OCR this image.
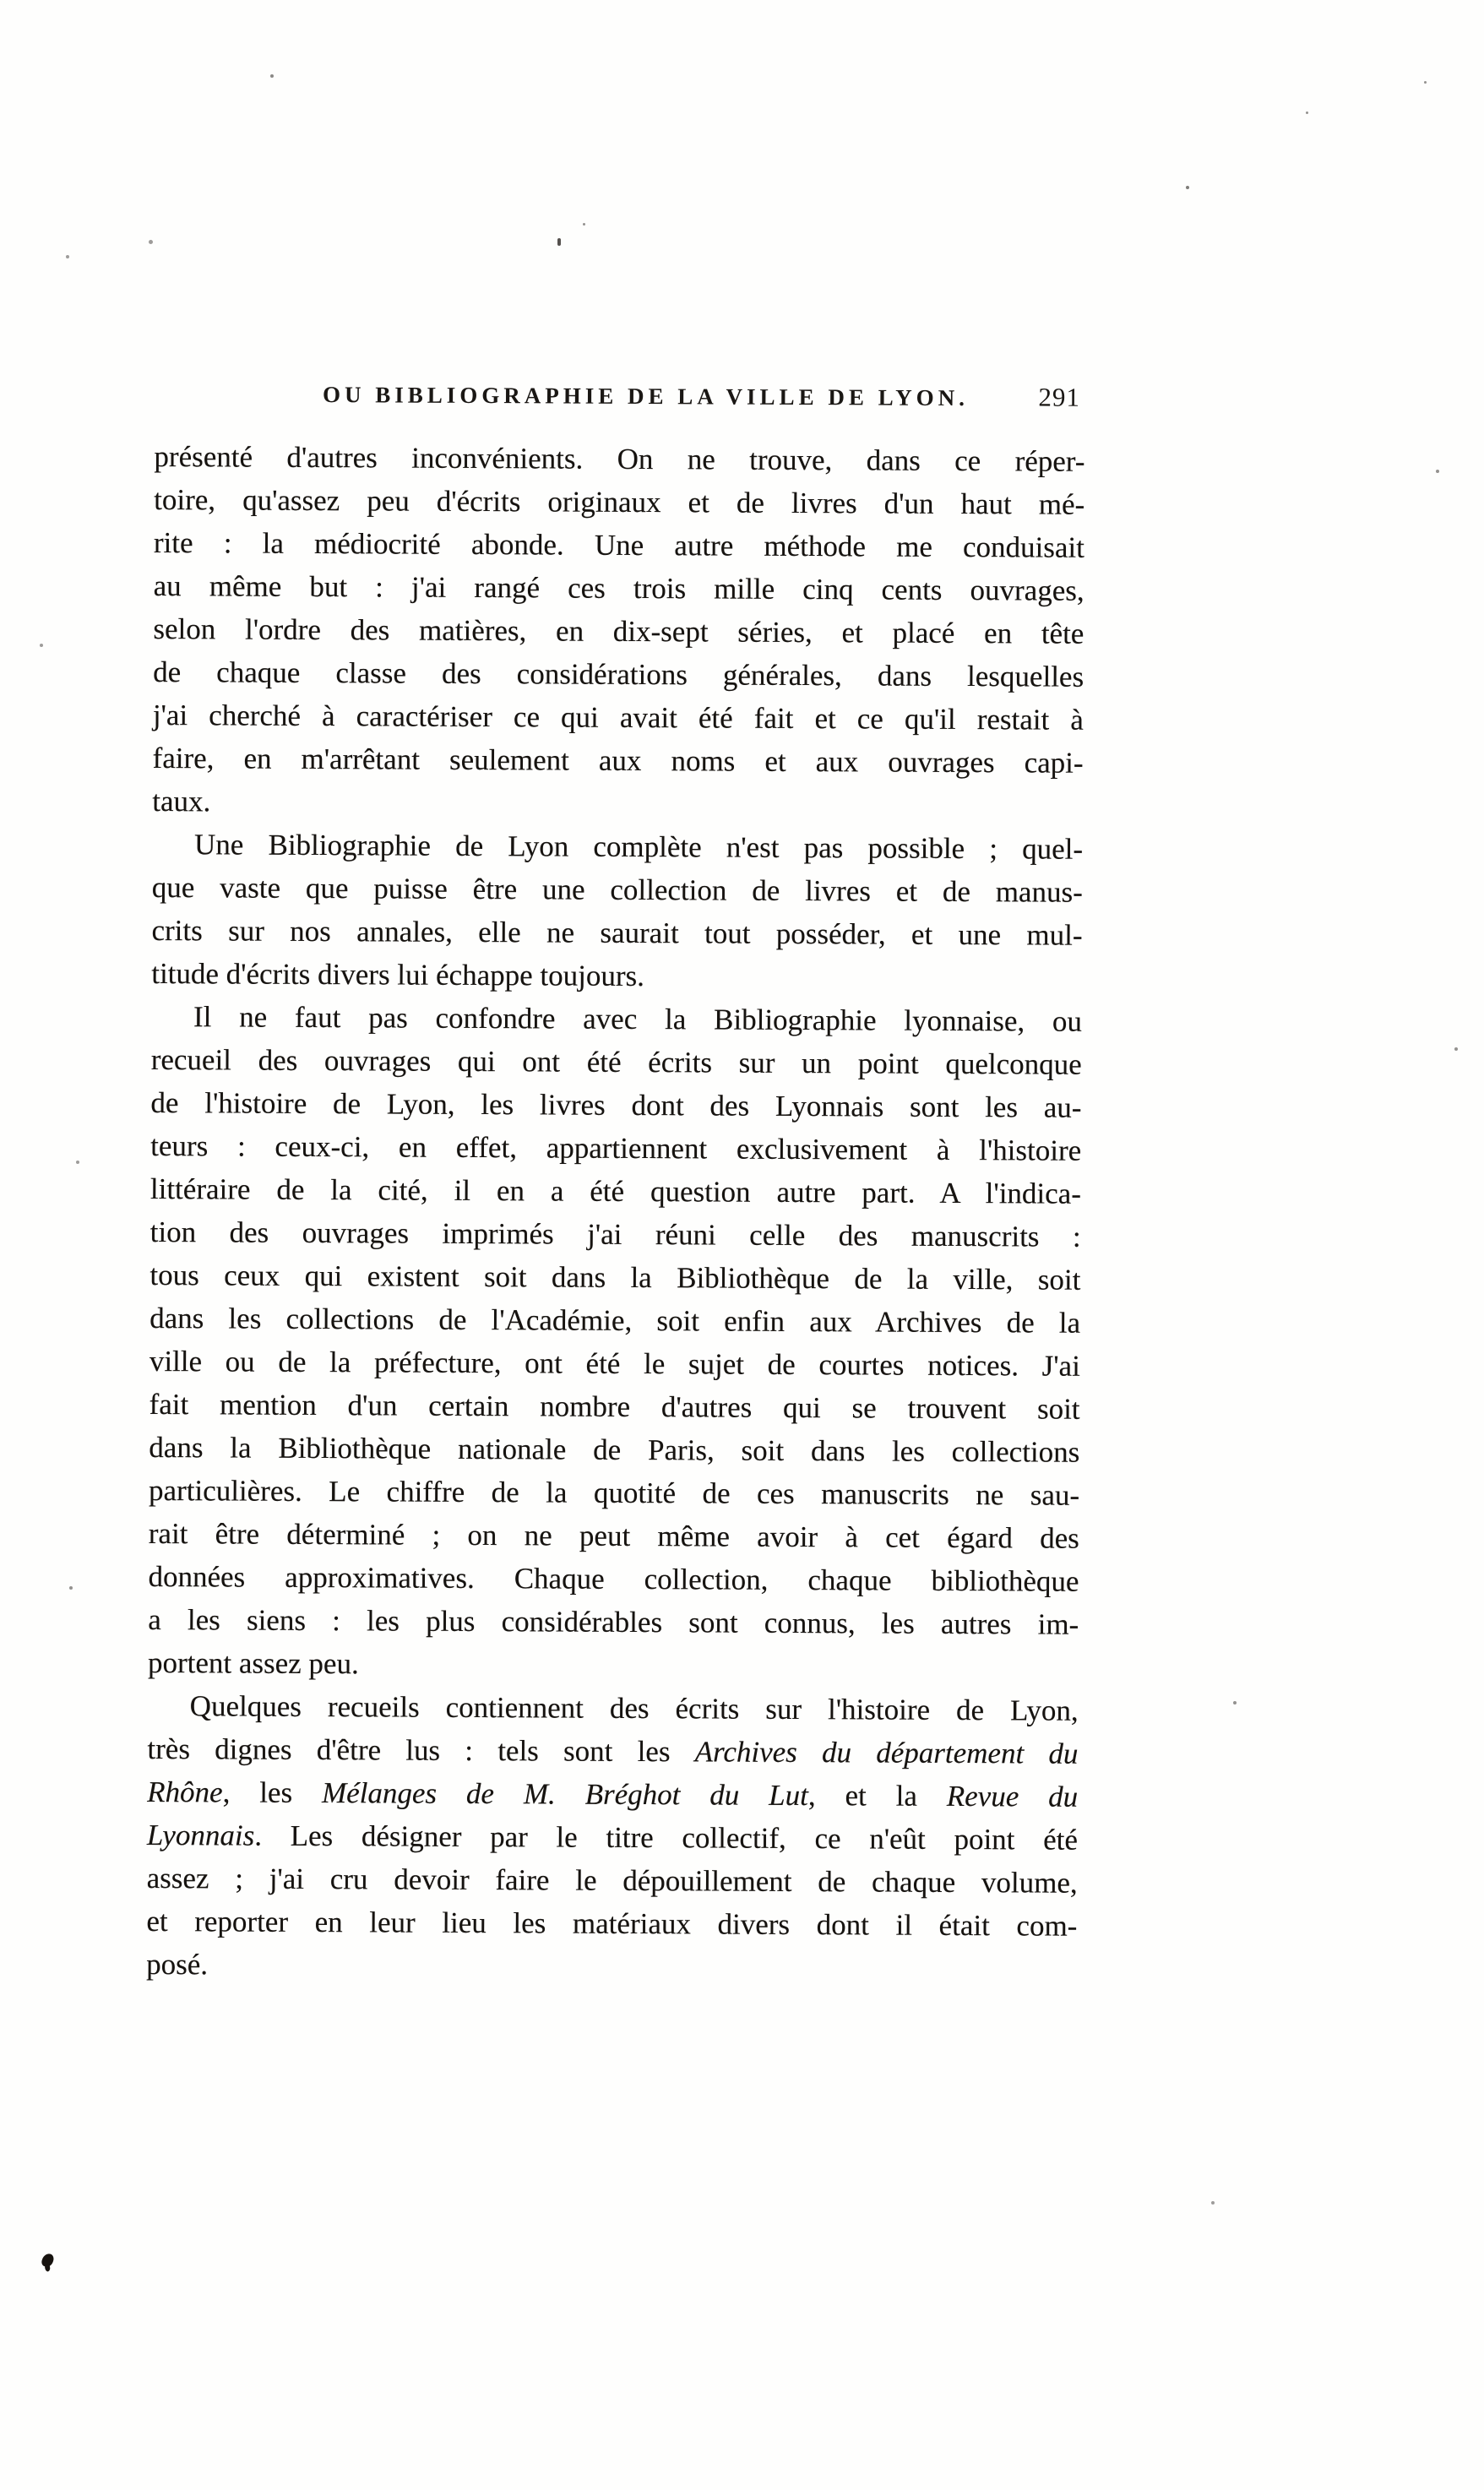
OU BIBLIOGRAPHIE DE LA VILLE DE LYON.	291
présenté d'autres inconvénients. On ne trouve, dans ce réper-
toire, qu'assez peu d'écrits originaux et de livres d'un haut mé-
rite : la médiocrité abonde. Une autre méthode me conduisait
au même but : j'ai rangé ces trois mille cinq cents ouvrages,
selon l'ordre des matières, en dix-sept séries, et placé en tête
de chaque classe des considérations générales, dans lesquelles
j'ai cherché à caractériser ce qui avait été fait et ce qu'il restait à
faire, en m'arrêtant seulement aux noms et aux ouvrages capi-
taux.
Une Bibliographie de Lyon complète n'est pas possible ; quel-
que vaste que puisse être une collection de livres et de manus-
crits sur nos annales, elle ne saurait tout posséder, et une mul-
titude d'écrits divers lui échappe toujours.
Il ne faut pas confondre avec la Bibliographie lyonnaise, ou
recueil des ouvrages qui ont été écrits sur un point quelconque
de l'histoire de Lyon, les livres dont des Lyonnais sont les au-
teurs : ceux-ci, en effet, appartiennent exclusivement à l'histoire
littéraire de la cité, il en a été question autre part. A l'indica-
tion des ouvrages imprimés j'ai réuni celle des manuscrits :
tous ceux qui existent soit dans la Bibliothèque de la ville, soit
dans les collections de l'Académie, soit enfin aux Archives de la
ville ou de la préfecture, ont été le sujet de courtes notices. J'ai
fait mention d'un certain nombre d'autres qui se trouvent soit
dans la Bibliothèque nationale de Paris, soit dans les collections
particulières. Le chiffre de la quotité de ces manuscrits ne sau-
rait être déterminé ; on ne peut même avoir à cet égard des
données approximatives. Chaque collection, chaque bibliothèque
a les siens : les plus considérables sont connus, les autres im-
portent assez peu.
Quelques recueils contiennent des écrits sur l'histoire de Lyon,
très dignes d'être lus : tels sont les Archives du département du
Rhône, les Mélanges de M. Bréghot du Lut, et la Revue du
Lyonnais. Les désigner par le titre collectif, ce n'eût point été
assez ; j'ai cru devoir faire le dépouillement de chaque volume,
et reporter en leur lieu les matériaux divers dont il était com-
posé.
